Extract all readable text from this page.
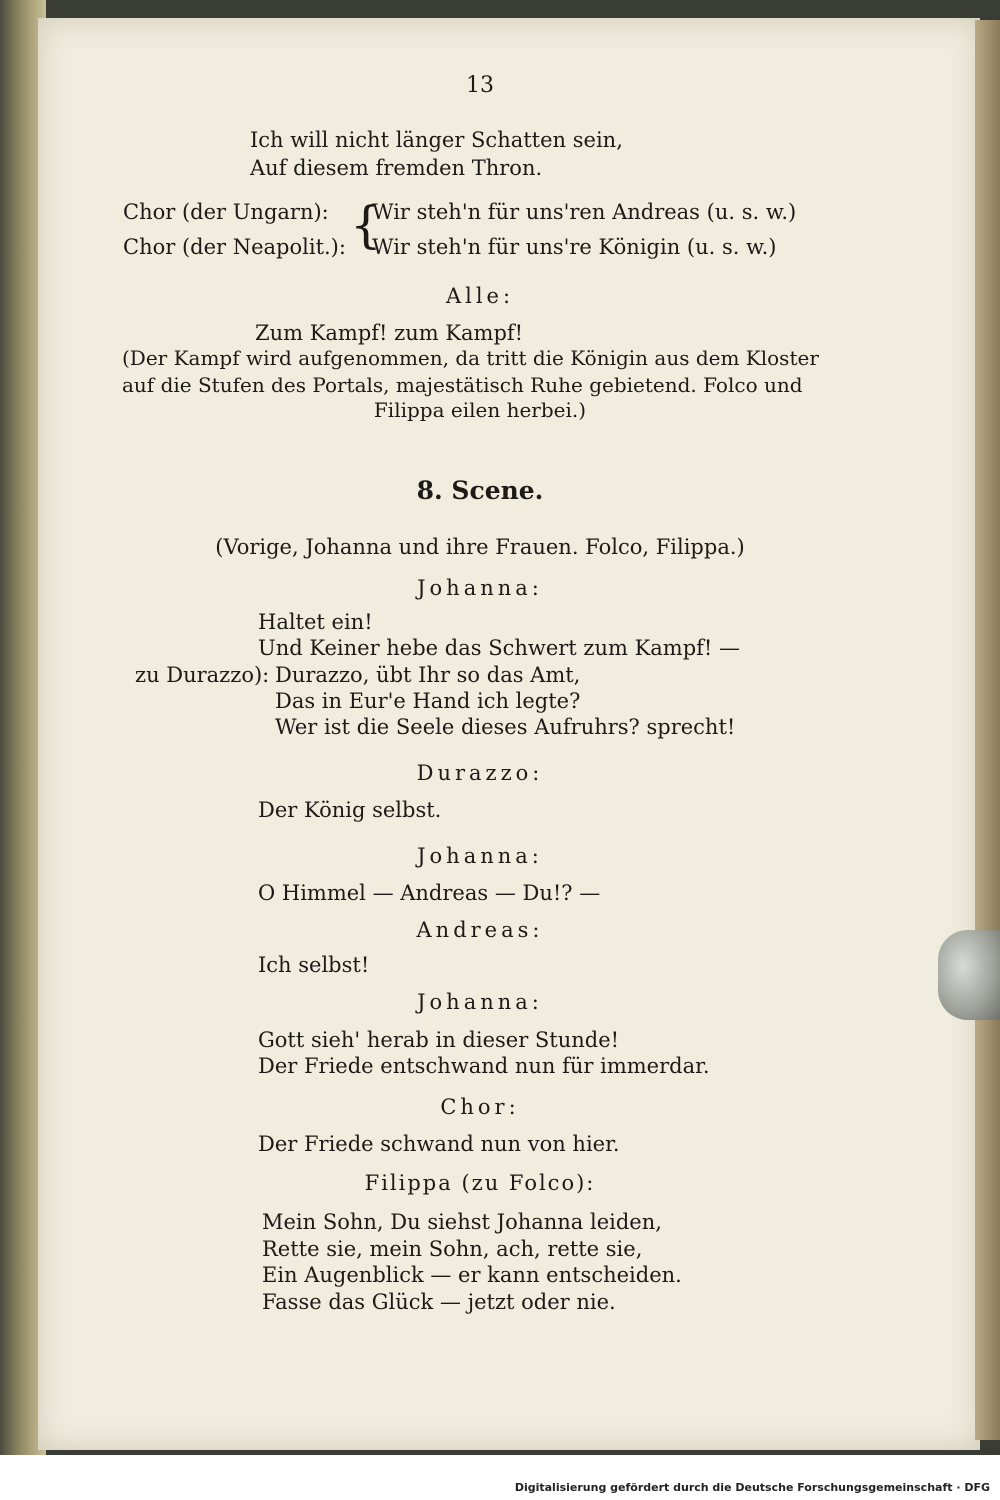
13
Ich will nicht länger Schatten sein,
Auf diesem fremden Thron.
Chor (der Ungarn): {
Wir steh'n für uns'ren Andreas (u. s. w.)
Chor (der Neapolit.): Wir steh'n für uns're Königin (u. s. w.)
Alle:
Zum Kampf! zum Kampf!
(Der Kampf wird aufgenommen, da tritt die Königin aus dem Kloster
auf die Stufen des Portals, majestätisch Ruhe gebietend. Folco und
Filippa eilen herbei.)
8. Scene.
(Vorige, Johanna und ihre Frauen. Folco, Filippa.)
Johanna:
Haltet ein!
Und Keiner hebe das Schwert zum Kampf! —
zu Durazzo): Durazzo, übt Ihr so das Amt,
Das in Eur'e Hand ich legte?
Wer ist die Seele dieses Aufruhrs? sprecht!
Durazzo:
Der König selbst.
Johanna:
O Himmel — Andreas — Du!? —
Andreas:
Ich selbst!
Johanna:
Gott sieh' herab in dieser Stunde!
Der Friede entschwand nun für immerdar.
Chor:
Der Friede schwand nun von hier.
Filippa (zu Folco):
Mein Sohn, Du siehst Johanna leiden,
Rette sie, mein Sohn, ach, rette sie,
Ein Augenblick — er kann entscheiden.
Fasse das Glück — jetzt oder nie.
Digitalisierung gefördert durch die Deutsche Forschungsgemeinschaft · DFG
